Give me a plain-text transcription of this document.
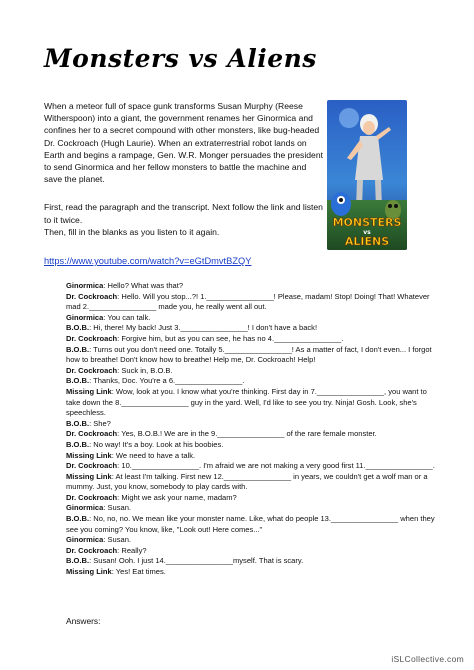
Monsters vs Aliens

When a meteor full of space gunk transforms Susan Murphy (Reese Witherspoon) into a giant, the government renames her Ginormica and confines her to a secret compound with other monsters, like bug-headed Dr. Cockroach (Hugh Laurie). When an extraterrestrial robot lands on Earth and begins a rampage, Gen. W.R. Monger persuades the president to send Ginormica and her fellow monsters to battle the machine and save the planet.

First, read the paragraph and the transcript. Next follow the link and listen to it twice.

Then, fill in the blanks as you listen to it again.

MONSTERS
vs
ALIENS
https://www.youtube.com/watch?v=eGtDmvtBZQY

Ginormica: Hello? What was that?

Dr. Cockroach: Hello. Will you stop...?! 1.________________! Please, madam! Stop! Doing! That! Whatever mad 2.________________ made you, he really went all out.

Ginormica: You can talk.

B.O.B.: Hi, there! My back! Just 3.________________! I don't have a back!

Dr. Cockroach: Forgive him, but as you can see, he has no 4.________________.

B.O.B.: Turns out you don't need one. Totally 5.________________! As a matter of fact, I don't even... I forgot how to breathe! Don't know how to breathe! Help me, Dr. Cockroach! Help!

Dr. Cockroach: Suck in, B.O.B.

B.O.B.: Thanks, Doc. You're a 6.________________.

Missing Link: Wow, look at you. I know what you're thinking. First day in 7.________________, you want to take down the 8.________________ guy in the yard. Well, I'd like to see you try. Ninja! Gosh. Look, she's speechless.

B.O.B.: She?

Dr. Cockroach: Yes, B.O.B.! We are in the 9.________________ of the rare female monster.

B.O.B.: No way! It's a boy. Look at his boobies.

Missing Link: We need to have a talk.

Dr. Cockroach: 10.________________. I'm afraid we are not making a very good first 11.________________.

Missing Link: At least I'm talking. First new 12.________________ in years, we couldn't get a wolf man or a mummy. Just, you know, somebody to play cards with.

Dr. Cockroach: Might we ask your name, madam?

Ginormica: Susan.

B.O.B.: No, no, no. We mean like your monster name. Like, what do people 13.________________ when they see you coming? You know, like, "Look out! Here comes..."

Ginormica: Susan.

Dr. Cockroach: Really?

B.O.B.: Susan! Ooh. I just 14.________________myself. That is scary.

Missing Link: Yes! Eat times.

Answers:
iSLCollective.com
